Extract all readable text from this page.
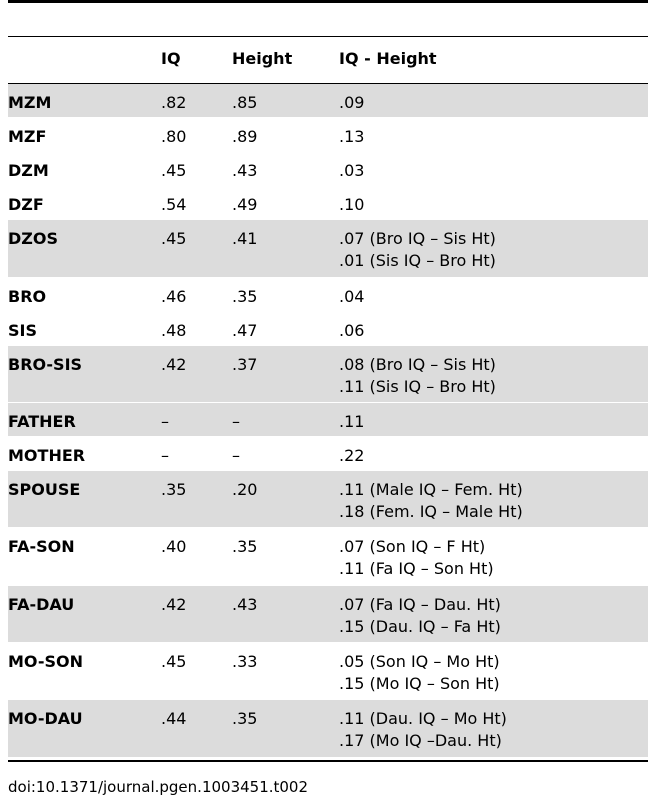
IQ	Height	IQ - Height
MZM	.82	.85	.09
MZF	.80	.89	.13
DZM	.45	.43	.03
DZF	.54	.49	.10
DZOS	.45	.41	.07 (Bro IQ – Sis Ht)
.01 (Sis IQ – Bro Ht)
BRO	.46	.35	.04
SIS	.48	.47	.06
BRO-SIS	.42	.37	.08 (Bro IQ – Sis Ht)
.11 (Sis IQ – Bro Ht)
FATHER	–	–	.11
MOTHER	–	–	.22
SPOUSE	.35	.20	.11 (Male IQ – Fem. Ht)
.18 (Fem. IQ – Male Ht)
FA-SON	.40	.35	.07 (Son IQ – F Ht)
.11 (Fa IQ – Son Ht)
FA-DAU	.42	.43	.07 (Fa IQ – Dau. Ht)
.15 (Dau. IQ – Fa Ht)
MO-SON	.45	.33	.05 (Son IQ – Mo Ht)
.15 (Mo IQ – Son Ht)
MO-DAU	.44	.35	.11 (Dau. IQ – Mo Ht)
.17 (Mo IQ –Dau. Ht)
doi:10.1371/journal.pgen.1003451.t002
